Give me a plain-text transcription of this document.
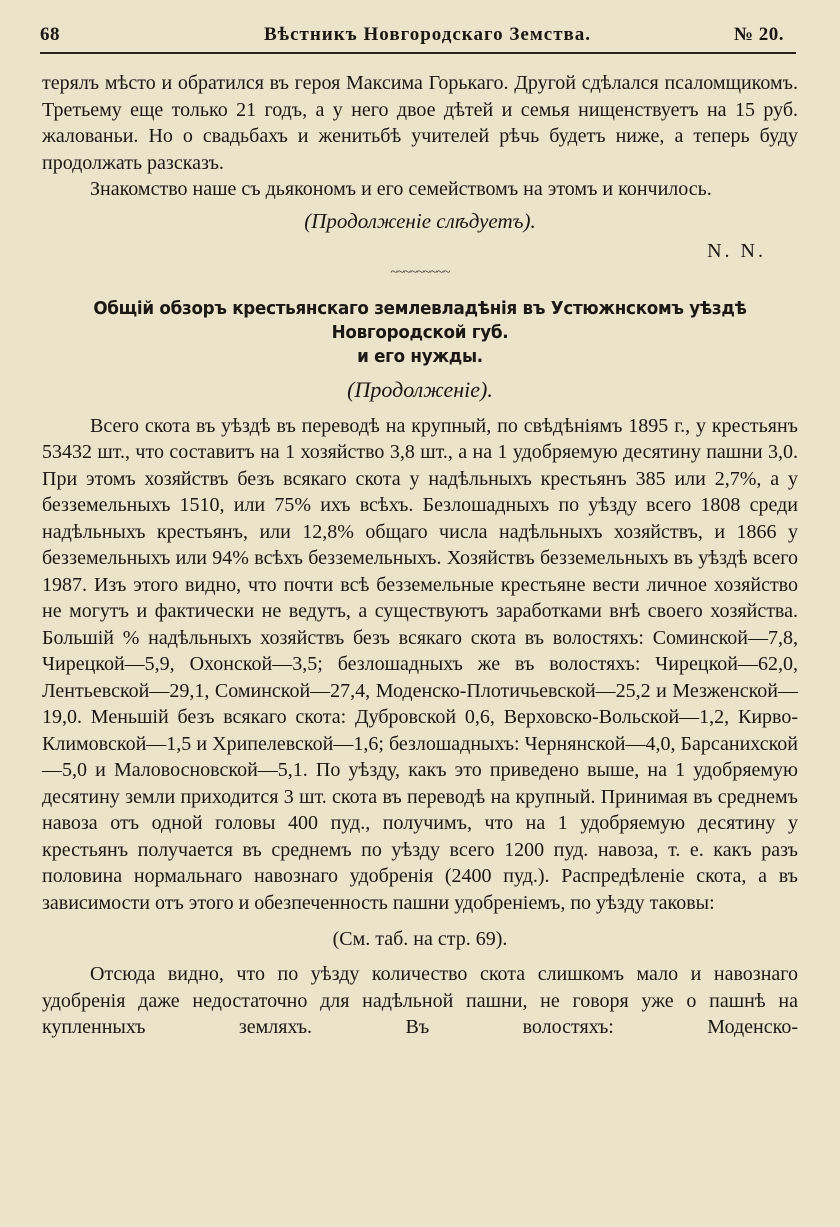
68	Вѣстникъ Новгородскаго Земства.	№ 20.

терялъ мѣсто и обратился въ героя Максима Горькаго. Другой сдѣлался псаломщикомъ. Третьему еще только 21 годъ, а у него двое дѣтей и семья нищенствуетъ на 15 руб. жалованьи. Но о свадьбахъ и женитьбѣ учителей рѣчь будетъ ниже, а теперь буду продолжать разсказъ.

Знакомство наше съ дьякономъ и его семействомъ на этомъ и кончилось.

(Продолженіе слѣдуетъ).
N. N.
~~~~~~~~~
Общій обзоръ крестьянскаго землевладѣнія въ Устюжнскомъ уѣздѣ Новгородской губ.
и его нужды.
(Продолженіе).

Всего скота въ уѣздѣ въ переводѣ на крупный, по свѣдѣніямъ 1895 г., у крестьянъ 53432 шт., что составитъ на 1 хозяйство 3,8 шт., а на 1 удобряемую десятину пашни 3,0. При этомъ хозяйствъ безъ всякаго скота у надѣльныхъ крестьянъ 385 или 2,7%, а у безземельныхъ 1510, или 75% ихъ всѣхъ. Безлошадныхъ по уѣзду всего 1808 среди надѣльныхъ крестьянъ, или 12,8% общаго числа надѣльныхъ хозяйствъ, и 1866 у безземельныхъ или 94% всѣхъ безземельныхъ. Хозяйствъ безземельныхъ въ уѣздѣ всего 1987. Изъ этого видно, что почти всѣ безземельные крестьяне вести личное хозяйство не могутъ и фактически не ведутъ, а существуютъ заработками внѣ своего хозяйства. Большій % надѣльныхъ хозяйствъ безъ всякаго скота въ волостяхъ: Соминской—7,8, Чирецкой—5,9, Охонской—3,5; безлошадныхъ же въ волостяхъ: Чирецкой—62,0, Лентьевской—29,1, Соминской—27,4, Моденско-Плотичьевской—25,2 и Мезженской—19,0. Меньшій безъ всякаго скота: Дубровской 0,6, Верховско-Вольской—1,2, Кирво-Климовской—1,5 и Хрипелевской—1,6; безлошадныхъ: Чернянской—4,0, Барсанихской—5,0 и Маловосновской—5,1. По уѣзду, какъ это приведено выше, на 1 удобряемую десятину земли приходится 3 шт. скота въ переводѣ на крупный. Принимая въ среднемъ навоза отъ одной головы 400 пуд., получимъ, что на 1 удобряемую десятину у крестьянъ получается въ среднемъ по уѣзду всего 1200 пуд. навоза, т. е. какъ разъ половина нормальнаго навознаго удобренія (2400 пуд.). Распредѣленіе скота, а въ зависимости отъ этого и обезпеченность пашни удобреніемъ, по уѣзду таковы:

(См. таб. на стр. 69).

Отсюда видно, что по уѣзду количество скота слишкомъ мало и навознаго удобренія даже недостаточно для надѣльной пашни, не говоря уже о пашнѣ на купленныхъ земляхъ. Въ волостяхъ: Моденско-
